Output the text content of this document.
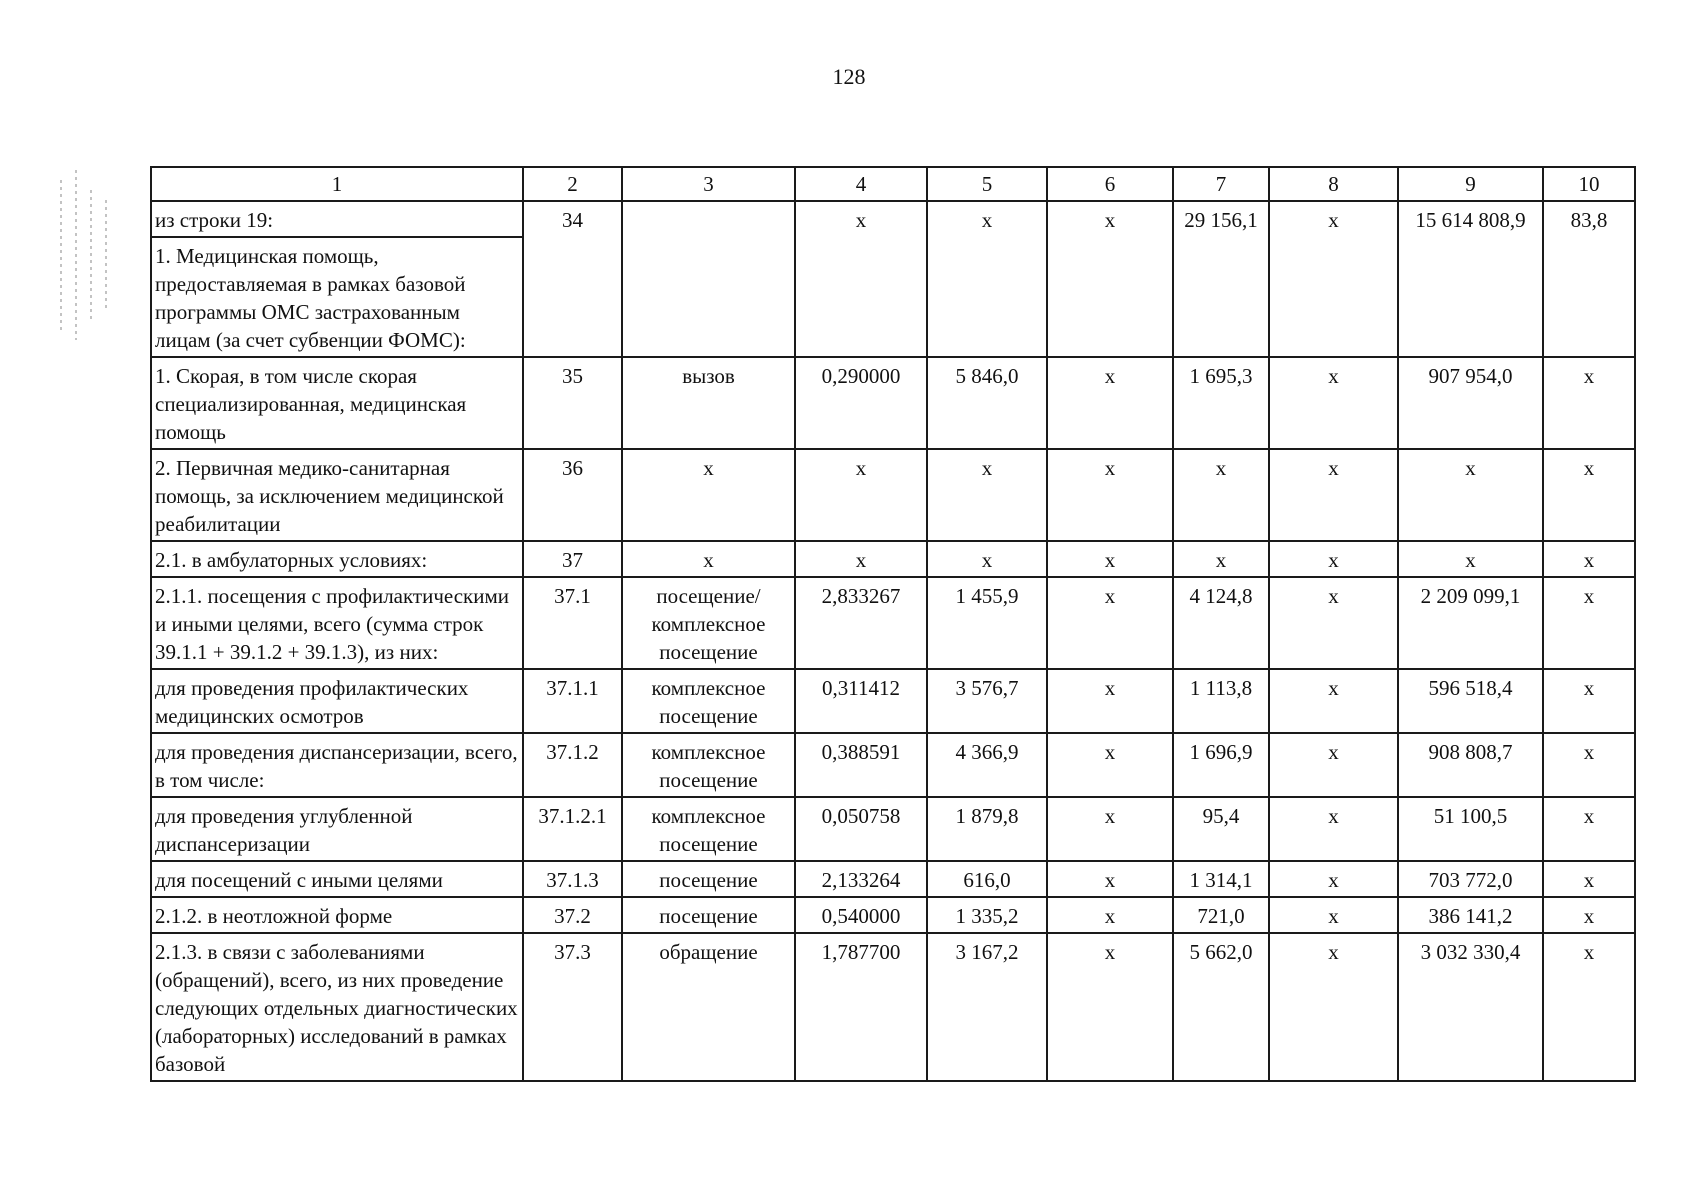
128
1	2	3	4	5	6	7	8	9	10
из строки 19:	34		х	х	х	29 156,1	х	15 614 808,9	83,8
1. Медицинская помощь, предоставляемая в рамках базовой программы ОМС застрахованным лицам (за счет субвенции ФОМС):									
1. Скорая, в том числе скорая специализированная, медицинская помощь	35	вызов	0,290000	5 846,0	х	1 695,3	х	907 954,0	х
2. Первичная медико-санитарная помощь, за исключением медицинской реабилитации	36	х	х	х	х	х	х	х	х
2.1. в амбулаторных условиях:	37	х	х	х	х	х	х	х	х
2.1.1. посещения с профилактическими и иными целями, всего (сумма строк 39.1.1 + 39.1.2 + 39.1.3), из них:	37.1	посещение/ комплексное посещение	2,833267	1 455,9	х	4 124,8	х	2 209 099,1	х
для проведения профилактических медицинских осмотров	37.1.1	комплексное посещение	0,311412	3 576,7	х	1 113,8	х	596 518,4	х
для проведения диспансеризации, всего, в том числе:	37.1.2	комплексное посещение	0,388591	4 366,9	х	1 696,9	х	908 808,7	х
для проведения углубленной диспансеризации	37.1.2.1	комплексное посещение	0,050758	1 879,8	х	95,4	х	51 100,5	х
для посещений с иными целями	37.1.3	посещение	2,133264	616,0	х	1 314,1	х	703 772,0	х
2.1.2. в неотложной форме	37.2	посещение	0,540000	1 335,2	х	721,0	х	386 141,2	х
2.1.3. в связи с заболеваниями (обращений), всего, из них проведение следующих отдельных диагностических (лабораторных) исследований в рамках базовой	37.3	обращение	1,787700	3 167,2	х	5 662,0	х	3 032 330,4	х
